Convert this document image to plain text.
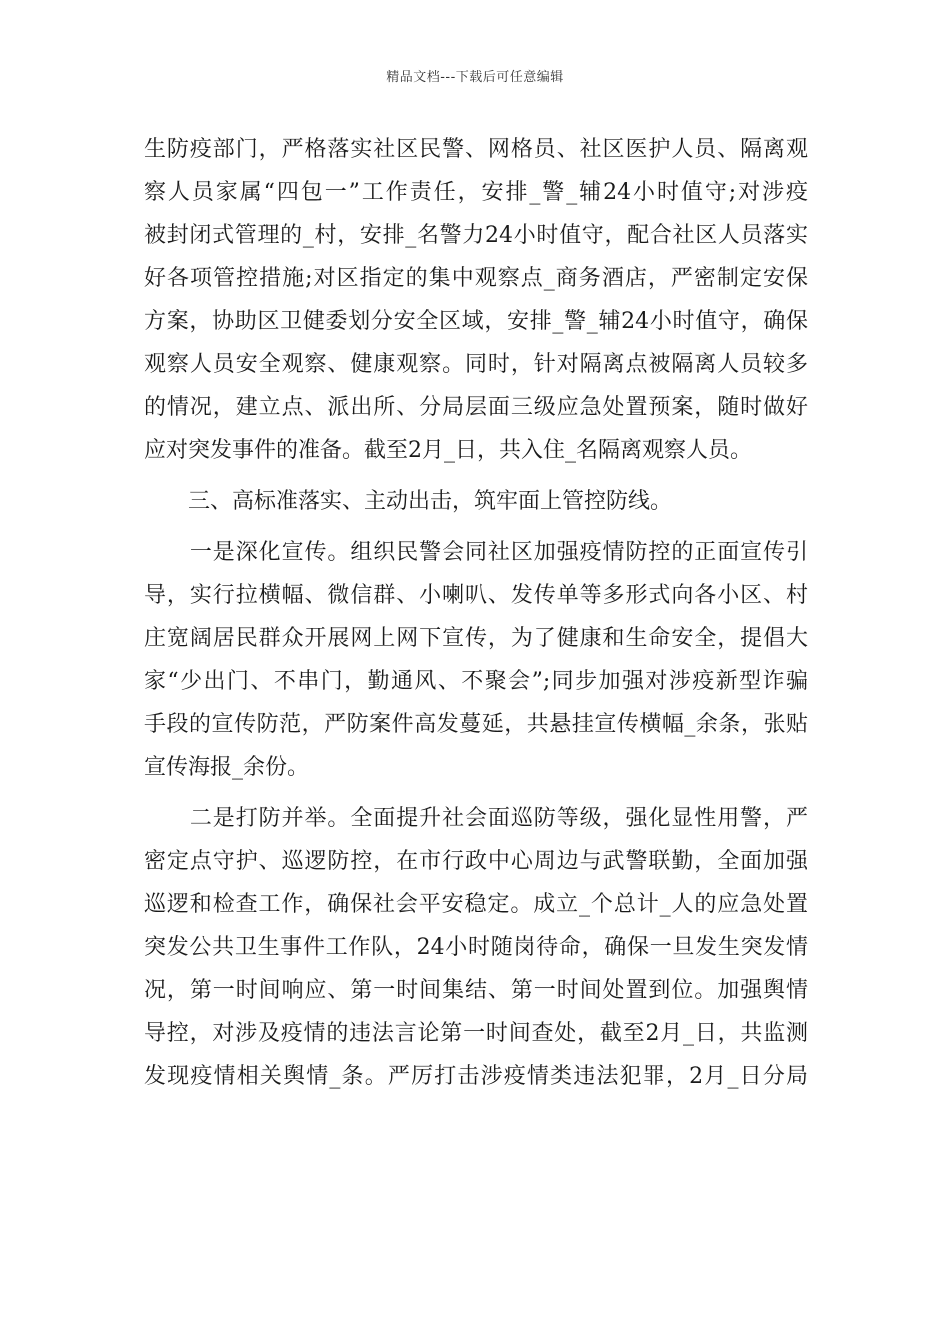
精品文档---下载后可任意编辑
生防疫部门，严格落实社区民警、网格员、社区医护人员、隔离观
察人员家属“四包一”工作责任，安排_警_辅24小时值守;对涉疫
被封闭式管理的_村，安排_名警力24小时值守，配合社区人员落实
好各项管控措施;对区指定的集中观察点_商务酒店，严密制定安保
方案，协助区卫健委划分安全区域，安排_警_辅24小时值守，确保
观察人员安全观察、健康观察。同时，针对隔离点被隔离人员较多
的情况，建立点、派出所、分局层面三级应急处置预案，随时做好
应对突发事件的准备。截至2月_日，共入住_名隔离观察人员。
　　三、高标准落实、主动出击，筑牢面上管控防线。
　　一是深化宣传。组织民警会同社区加强疫情防控的正面宣传引
导，实行拉横幅、微信群、小喇叭、发传单等多形式向各小区、村
庄宽阔居民群众开展网上网下宣传，为了健康和生命安全，提倡大
家“少出门、不串门，勤通风、不聚会”;同步加强对涉疫新型诈骗
手段的宣传防范，严防案件高发蔓延，共悬挂宣传横幅_余条，张贴
宣传海报_余份。
　　二是打防并举。全面提升社会面巡防等级，强化显性用警，严
密定点守护、巡逻防控，在市行政中心周边与武警联勤，全面加强
巡逻和检查工作，确保社会平安稳定。成立_个总计_人的应急处置
突发公共卫生事件工作队，24小时随岗待命，确保一旦发生突发情
况，第一时间响应、第一时间集结、第一时间处置到位。加强舆情
导控，对涉及疫情的违法言论第一时间查处，截至2月_日，共监测
发现疫情相关舆情_条。严厉打击涉疫情类违法犯罪，2月_日分局
